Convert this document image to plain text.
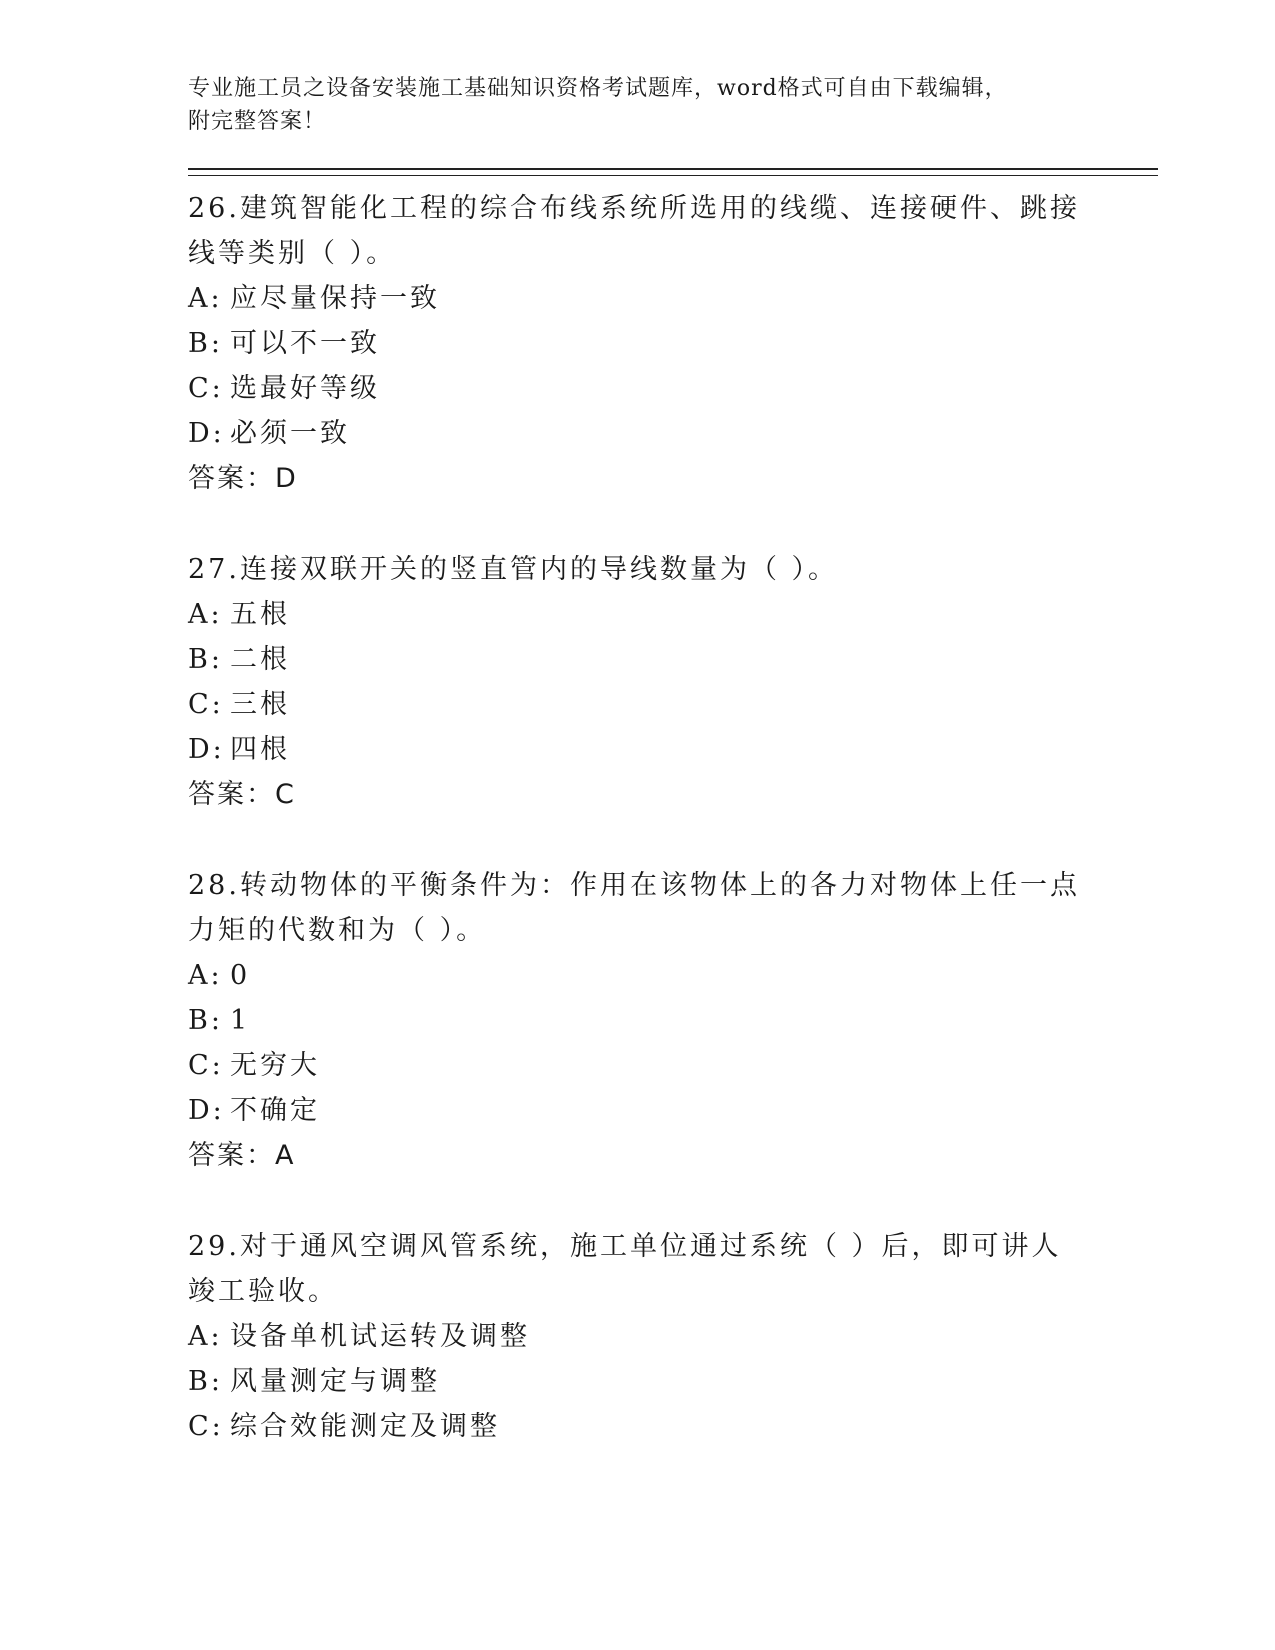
专业施工员之设备安装施工基础知识资格考试题库，word格式可自由下载编辑，

附完整答案！

26.建筑智能化工程的综合布线系统所选用的线缆、连接硬件、跳接线等类别（ ）。

A: 应尽量保持一致

B: 可以不一致

C: 选最好等级

D: 必须一致

答案：D

27.连接双联开关的竖直管内的导线数量为（ ）。

A: 五根

B: 二根

C: 三根

D: 四根

答案：C

28.转动物体的平衡条件为：作用在该物体上的各力对物体上任一点力矩的代数和为（ ）。

A: 0

B: 1

C: 无穷大

D: 不确定

答案：A

29.对于通风空调风管系统，施工单位通过系统（ ）后，即可讲人竣工验收。

A: 设备单机试运转及调整

B: 风量测定与调整

C: 综合效能测定及调整
